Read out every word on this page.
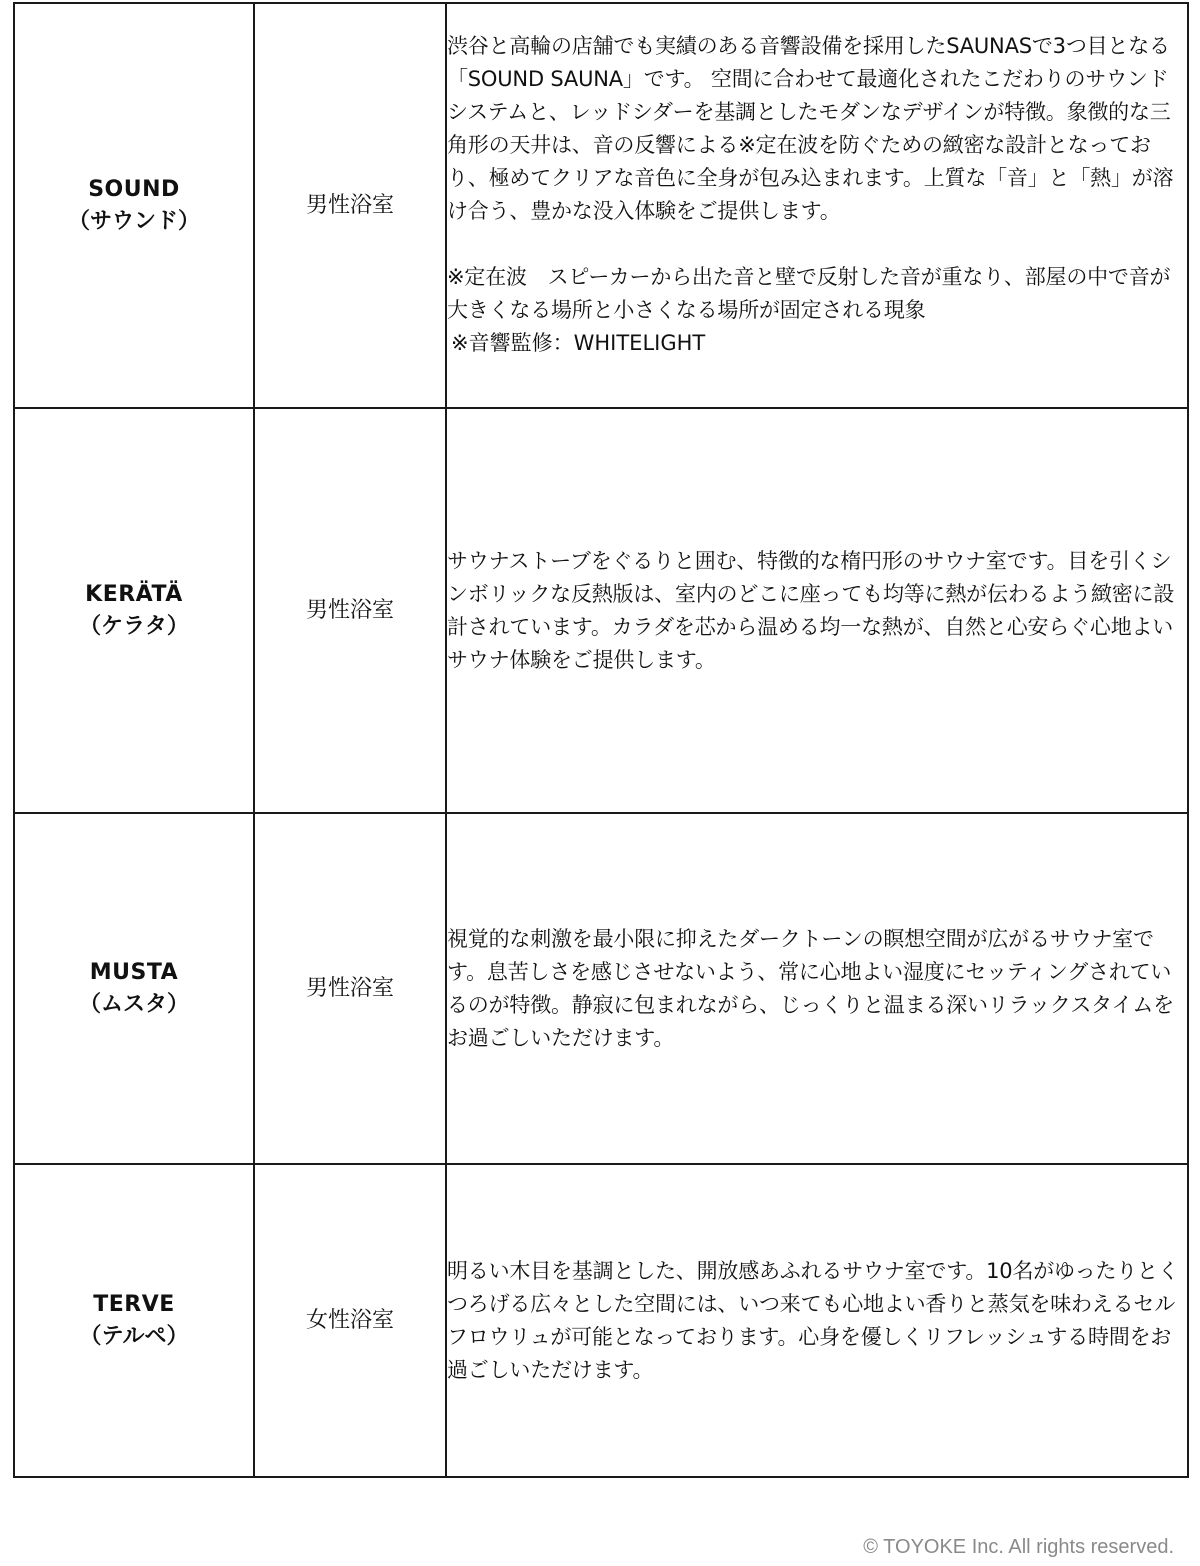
SOUND
（サウンド）	男性浴室	渋谷と高輪の店舗でも実績のある音響設備を採用したSAUNASで3つ目となる「SOUND SAUNA」です。 空間に合わせて最適化されたこだわりのサウンドシステムと、レッドシダーを基調としたモダンなデザインが特徴。象徴的な三角形の天井は、音の反響による※定在波を防ぐための緻密な設計となっており、極めてクリアな音色に全身が包み込まれます。上質な「音」と「熱」が溶け合う、豊かな没入体験をご提供します。
※定在波　スピーカーから出た音と壁で反射した音が重なり、部屋の中で音が大きくなる場所と小さくなる場所が固定される現象
※音響監修：WHITELIGHT

KERÄTÄ
（ケラタ）	男性浴室	サウナストーブをぐるりと囲む、特徴的な楕円形のサウナ室です。目を引くシンボリックな反熱版は、室内のどこに座っても均等に熱が伝わるよう緻密に設計されています。カラダを芯から温める均一な熱が、自然と心安らぐ心地よいサウナ体験をご提供します。

MUSTA
（ムスタ）	男性浴室	視覚的な刺激を最小限に抑えたダークトーンの瞑想空間が広がるサウナ室です。息苦しさを感じさせないよう、常に心地よい湿度にセッティングされているのが特徴。静寂に包まれながら、じっくりと温まる深いリラックスタイムをお過ごしいただけます。

TERVE
（テルペ）	女性浴室	明るい木目を基調とした、開放感あふれるサウナ室です。10名がゆったりとくつろげる広々とした空間には、いつ来ても心地よい香りと蒸気を味わえるセルフロウリュが可能となっております。心身を優しくリフレッシュする時間をお過ごしいただけます。
© TOYOKE Inc. All rights reserved.
